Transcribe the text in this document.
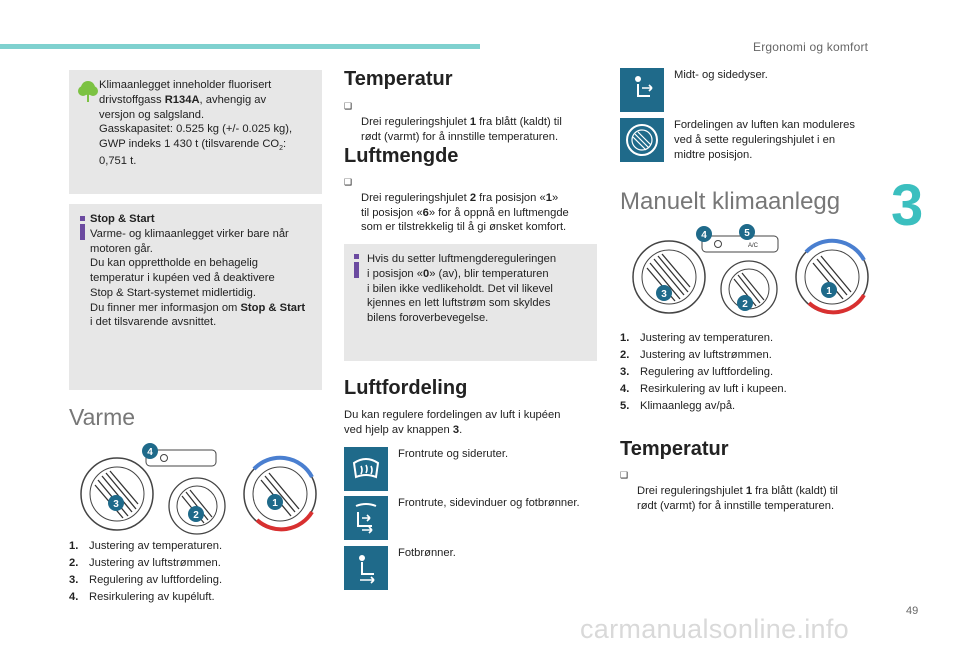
Ergonomi og komfort
3
Klimaanlegget inneholder fluorisert
drivstoffgass R134A, avhengig av
versjon og salgsland.
Gasskapasitet: 0.525 kg (+/- 0.025 kg),
GWP indeks 1 430 t (tilsvarende $CO_2$:
0,751 t.
Stop & Start
Varme- og klimaanlegget virker bare når
motoren går.
Du kan opprettholde en behagelig
temperatur i kupéen ved å deaktivere
Stop & Start-systemet midlertidig.
Du finner mer informasjon om Stop & Start
i det tilsvarende avsnittet.
Varme
4
3
2
1
1. Justering av temperaturen.
2. Justering av luftstrømmen.
3. Regulering av luftfordeling.
4. Resirkulering av kupéluft.
Temperatur

❑
Drei reguleringshjulet 1 fra blått (kaldt) til
rødt (varmt) for å innstille temperaturen.

Luftmengde

❑
Drei reguleringshjulet 2 fra posisjon «1»
til posisjon «6» for å oppnå en luftmengde
som er tilstrekkelig til å gi ønsket komfort.

Hvis du setter luftmengdereguleringen
i posisjon «0» (av), blir temperaturen
i bilen ikke vedlikeholdt. Det vil likevel
kjennes en lett luftstrøm som skyldes
bilens foroverbevegelse.
Luftfordeling
Du kan regulere fordelingen av luft i kupéen
ved hjelp av knappen 3.
Frontrute og sideruter.
Frontrute, sidevinduer og fotbrønner.
Fotbrønner.
Midt- og sidedyser.
Fordelingen av luften kan moduleres
ved å sette reguleringshjulet i en
midtre posisjon.
Manuelt klimaanlegg
A/C
4	5
3
2
1
1. Justering av temperaturen.
2. Justering av luftstrømmen.
3. Regulering av luftfordeling.
4. Resirkulering av luft i kupeen.
5. Klimaanlegg av/på.
Temperatur

❑
Drei reguleringshjulet 1 fra blått (kaldt) til
rødt (varmt) for å innstille temperaturen.

49
carmanualsonline.info
